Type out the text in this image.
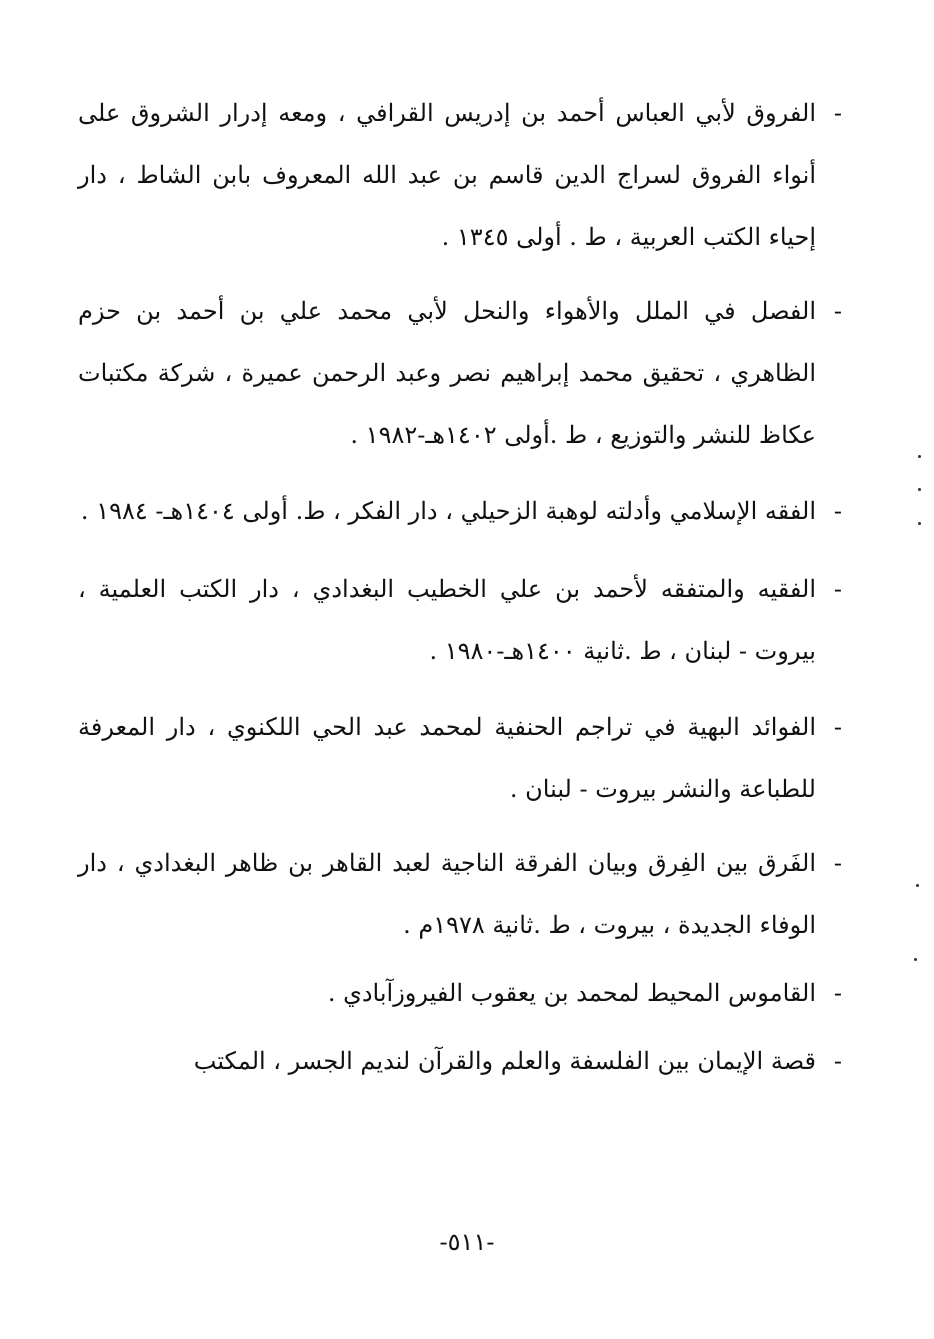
-
الفروق لأبي العباس أحمد بن إدريس القرافي ، ومعه إدرار الشروق على أنواء الفروق لسراج الدين قاسم بن عبد الله المعروف بابن الشاط ، دار إحياء الكتب العربية ، ط . أولى ١٣٤٥ .

-
الفصل في الملل والأهواء والنحل لأبي محمد علي بن أحمد بن حزم الظاهري ، تحقيق محمد إبراهيم نصر وعبد الرحمن عميرة ، شركة مكتبات عكاظ للنشر والتوزيع ، ط .أولى ١٤٠٢هـ-١٩٨٢ .

-
الفقه الإسلامي وأدلته لوهبة الزحيلي ، دار الفكر ، ط. أولى ١٤٠٤هـ- ١٩٨٤ .

-
الفقيه والمتفقه لأحمد بن علي الخطيب البغدادي ، دار الكتب العلمية ، بيروت - لبنان ، ط .ثانية ١٤٠٠هـ-١٩٨٠ .

-
الفوائد البهية في تراجم الحنفية لمحمد عبد الحي اللكنوي ، دار المعرفة للطباعة والنشر بيروت - لبنان .

-
الفَرق بين الفِرق وبيان الفرقة الناجية لعبد القاهر بن ظاهر البغدادي ، دار الوفاء الجديدة ، بيروت ، ط .ثانية ١٩٧٨م .

-
القاموس المحيط لمحمد بن يعقوب الفيروزآبادي .

-
قصة الإيمان بين الفلسفة والعلم والقرآن لنديم الجسر ، المكتب

-٥١١-
